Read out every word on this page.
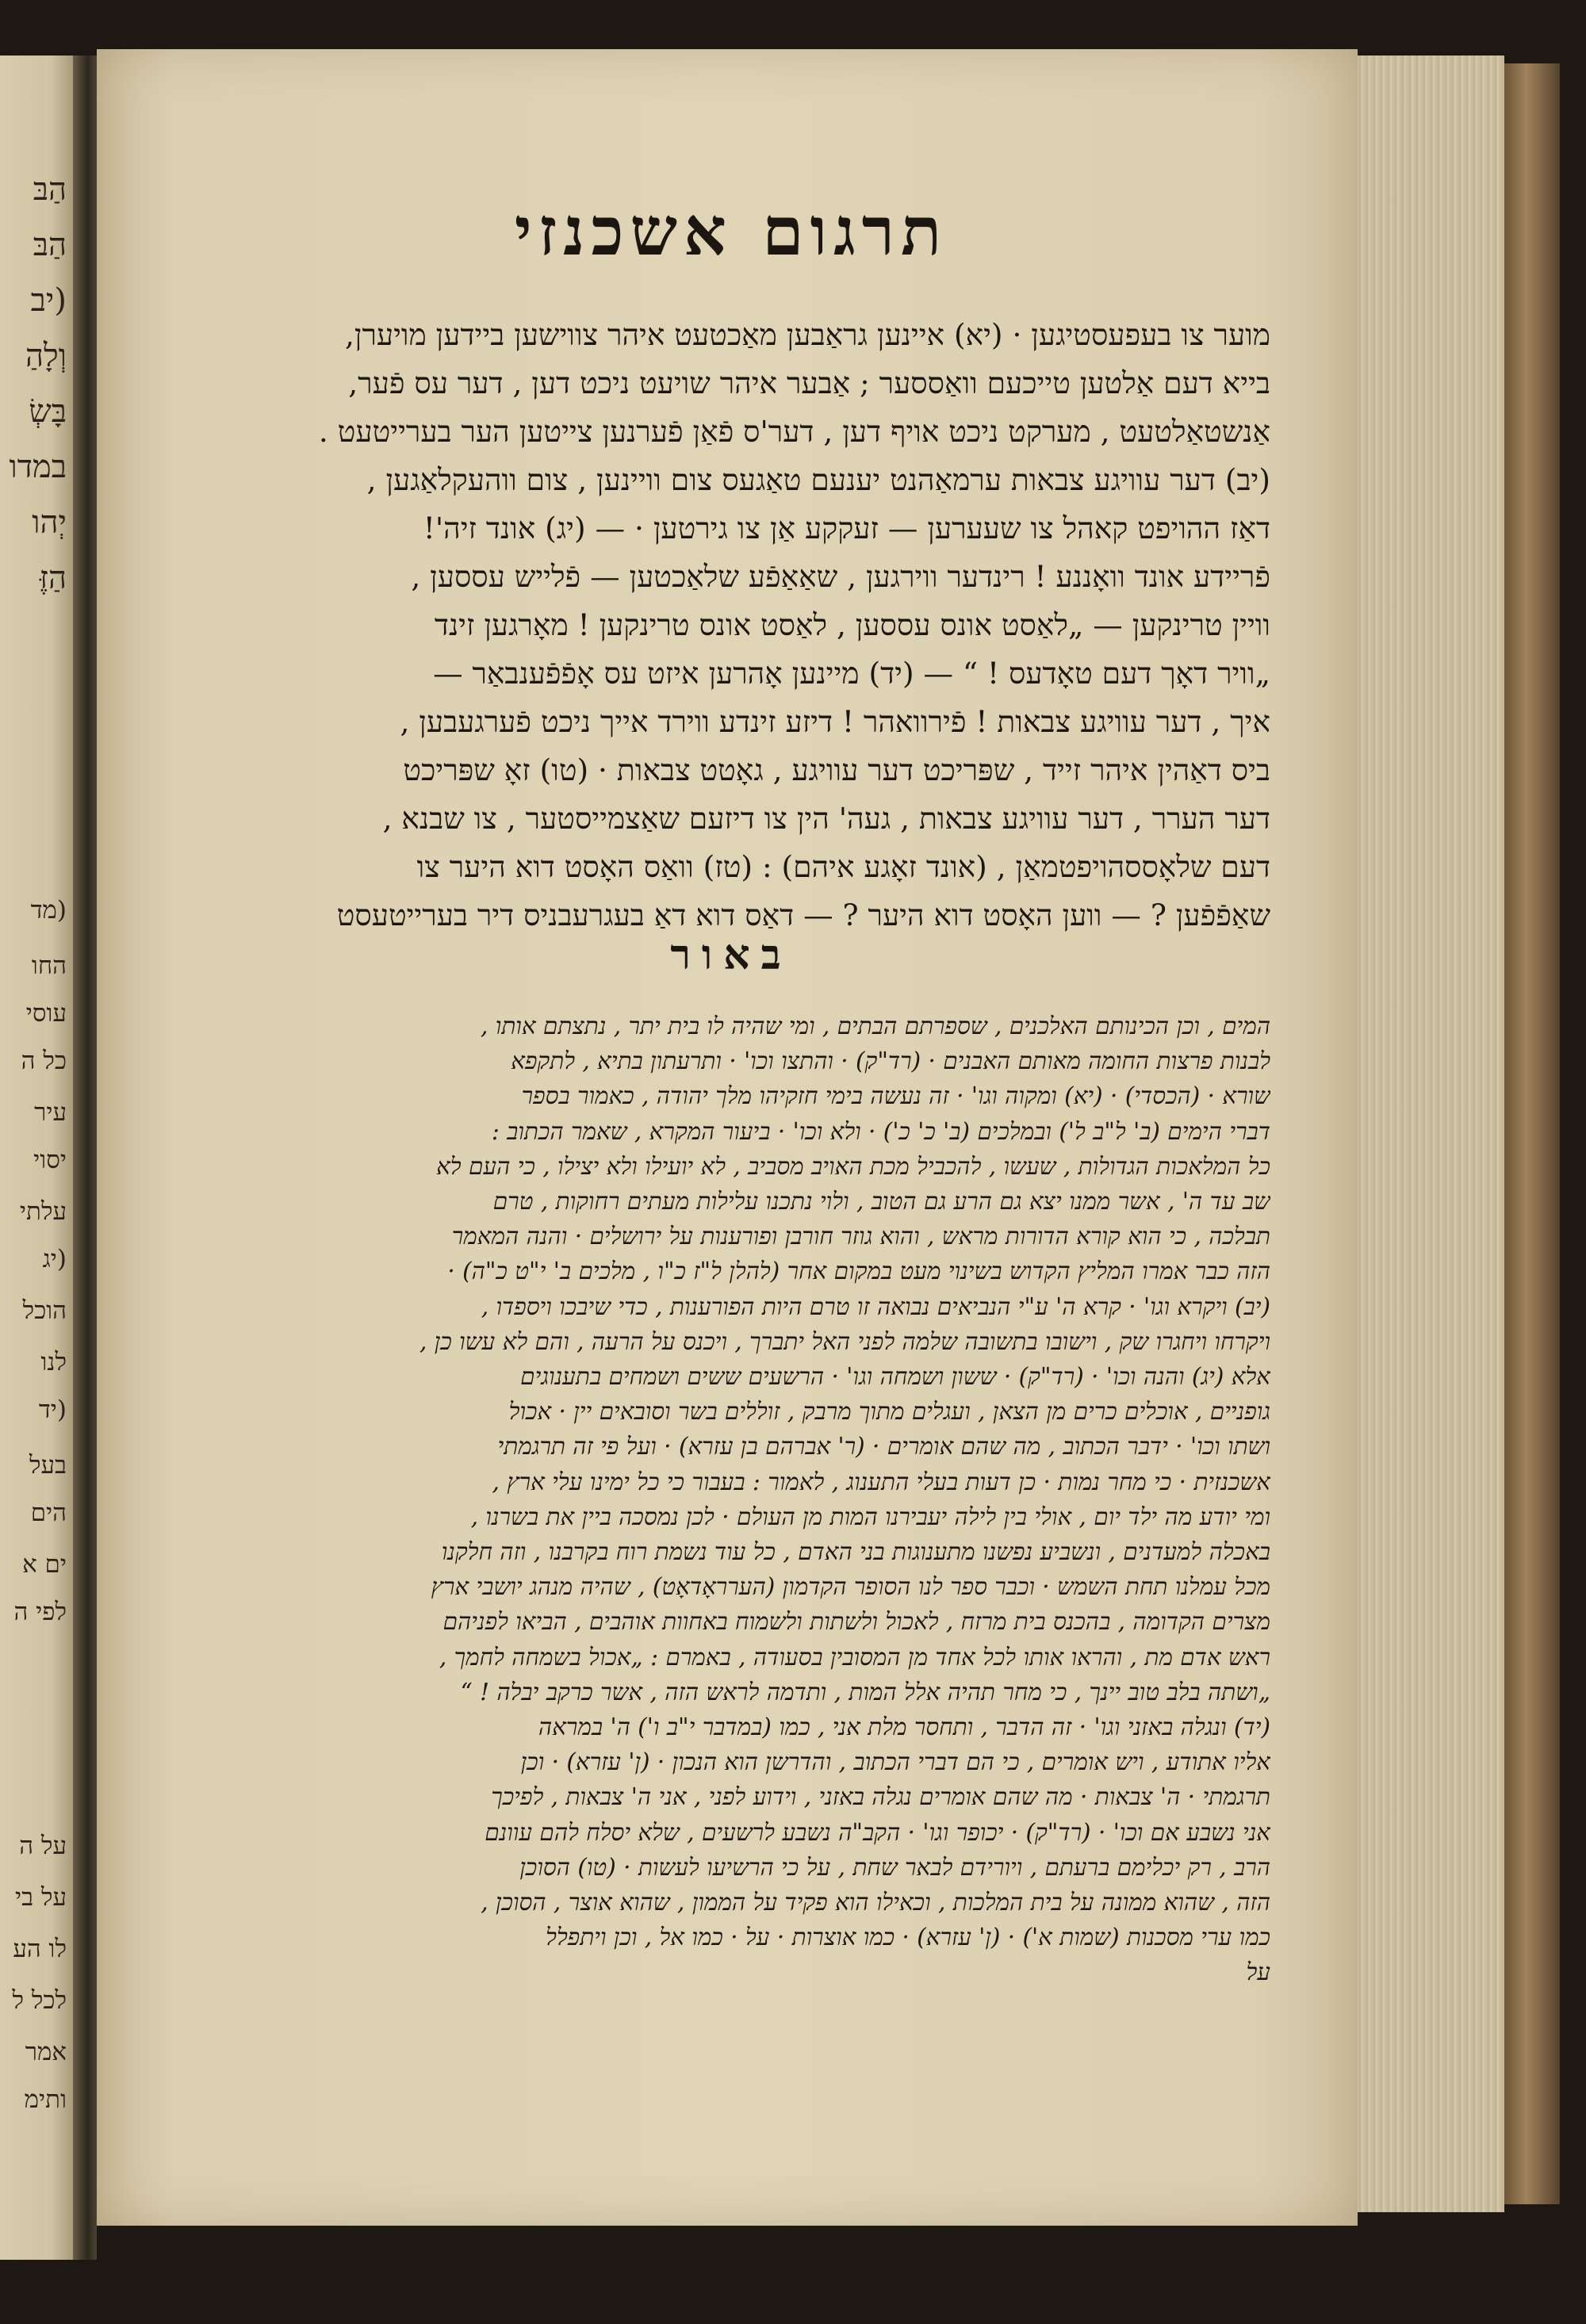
הַבּ
הַבּ
(יב
וְלָהַ
בָּשְׂ
במדו
יְהו
הַזֶּ
(מד
החו
עוסי
כל ה
עיר
יסוי
עלתי
(יג
הוכל
לנו
(יד
בעל
הים
ים א
לפי ה
על ה
על בי
לו הע
לכל ל
אמר
ותימ
תרגום אשכנזי
מוער צו בעפעסטיגען · (יא) איינען גראַבען מאַכטעט איהר צווישען ביידען מויערן,
בייא דעם אַלטען טייכעם וואַססער ; אַבער איהר שויעט ניכט דען , דער עס פֿער,
אַנשטאַלטעט , מערקט ניכט אויף דען , דער'ס פֿאַן פֿערנען צייטען הער בערייטעט .
(יב) דער עוויגע צבאות ערמאַהנט יענעם טאַגעס צום וויינען , צום ווהעקלאַגען ,
דאַז ההויפט קאהל צו שעערען — זעקקע אַן צו גירטען · — (יג) אונד זיה'!
פֿריידע אונד וואָננע ! רינדער ווירגען , שאַאַפֿע שלאַכטען — פֿלייש עססען ,
וויין טרינקען — „לאַסט אונס עססען , לאַסט אונס טרינקען ! מאָרגען זינד
„וויר דאָך דעם טאָדעס ! “ — (יד) מיינען אָהרען איזט עס אָפֿפֿענבאַר —
איך , דער עוויגע צבאות ! פֿירוואהר ! דיזע זינדע ווירד אייך ניכט פֿערגעבען ,
ביס דאַהין איהר זייד , שפּריכט דער עוויגע , גאָטט צבאות · (טו) זאָ שפּריכט
דער הערר , דער עוויגע צבאות , געה' הין צו דיזעם שאַצמייסטער , צו שבנא ,
דעם שלאָססהויפטמאַן , (אונד זאָגע איהם) : (טז) וואַס האָסט דוא היער צו
שאַפֿפֿען ? — ווען האָסט דוא היער ? — דאַס דוא דאַ בעגרעבניס דיר בערייטעסט
באור
המים , וכן הכינותם האלכנים , שספרתם הבתים , ומי שהיה לו בית יתר , נתצתם אותו ,
לבנות פרצות החומה מאותם האבנים · (רד"ק) · והתצו וכו' · ותרעתון בתיא , לתקפא
שורא · (הכסדי) · (יא) ומקוה וגו' · זה נעשה בימי חזקיהו מלך יהודה , כאמור בספר
דברי הימים (ב' ל"ב ל') ובמלכים (ב' כ' כ') · ולא וכו' · ביעור המקרא , שאמר הכתוב :
כל המלאכות הגדולות , שעשו , להכביל מכת האויב מסביב , לא יועילו ולא יצילו , כי העם לא
שב עד ה' , אשר ממנו יצא גם הרע גם הטוב , ולוי נתכנו עלילות מעתים רחוקות , טרם
תבלכה , כי הוא קורא הדורות מראש , והוא גוזר חורבן ופורענות על ירושלים · והנה המאמר
הזה כבר אמרו המליץ הקדוש בשינוי מעט במקום אחר (להלן ל"ז כ"ו , מלכים ב' י"ט כ"ה) ·
(יב) ויקרא וגו' · קרא ה' ע"י הנביאים נבואה זו טרם היות הפורענות , כדי שיבכו ויספדו ,
ויקרחו ויחגרו שק , וישובו בתשובה שלמה לפני האל יתברך , ויכנס על הרעה , והם לא עשו כן ,
אלא (יג) והנה וכו' · (רד"ק) · ששון ושמחה וגו' · הרשעים ששים ושמחים בתענוגים
גופניים , אוכלים כרים מן הצאן , ועגלים מתוך מרבק , זוללים בשר וסובאים יין · אכול
ושתו וכו' · ידבר הכתוב , מה שהם אומרים · (ר' אברהם בן עזרא) · ועל פי זה תרגמתי
אשכנזית · כי מחר נמות · כן דעות בעלי התענוג , לאמור : בעבור כי כל ימינו עלי ארץ ,
ומי יודע מה ילד יום , אולי בין לילה יעבירנו המות מן העולם · לכן נמסכה ביין את בשרנו ,
באכלה למעדנים , ונשביע נפשנו מתענוגות בני האדם , כל עוד נשמת רוח בקרבנו , וזה חלקנו
מכל עמלנו תחת השמש · וכבר ספר לנו הסופר הקדמון (הערראָדאָט) , שהיה מנהג יושבי ארץ
מצרים הקדומה , בהכנס בית מרזח , לאכול ולשתות ולשמוח באחוות אוהבים , הביאו לפניהם
ראש אדם מת , והראו אותו לכל אחד מן המסובין בסעודה , באמרם : „אכול בשמחה לחמך ,
„ושתה בלב טוב יינך , כי מחר תהיה אלל המות , ותדמה לראש הזה , אשר כרקב יבלה ! “
(יד) ונגלה באזני וגו' · זה הדבר , ותחסר מלת אני , כמו (במדבר י"ב ו') ה' במראה
אליו אתודע , ויש אומרים , כי הם דברי הכתוב , והדרשן הוא הנכון · (ן' עזרא) · וכן
תרגמתי · ה' צבאות · מה שהם אומרים נגלה באזני , וידוע לפני , אני ה' צבאות , לפיכך
אני נשבע אם וכו' · (רד"ק) · יכופר וגו' · הקב"ה נשבע לרשעים , שלא יסלח להם עוונם
הרב , רק יכלימם ברעתם , ויורידם לבאר שחת , על כי הרשיעו לעשות · (טו) הסוכן
הזה , שהוא ממונה על בית המלכות , וכאילו הוא פקיד על הממון , שהוא אוצר , הסוכן ,
כמו ערי מסכנות (שמות א') · (ן' עזרא) · כמו אוצרות · על · כמו אל , וכן ויתפלל
על
